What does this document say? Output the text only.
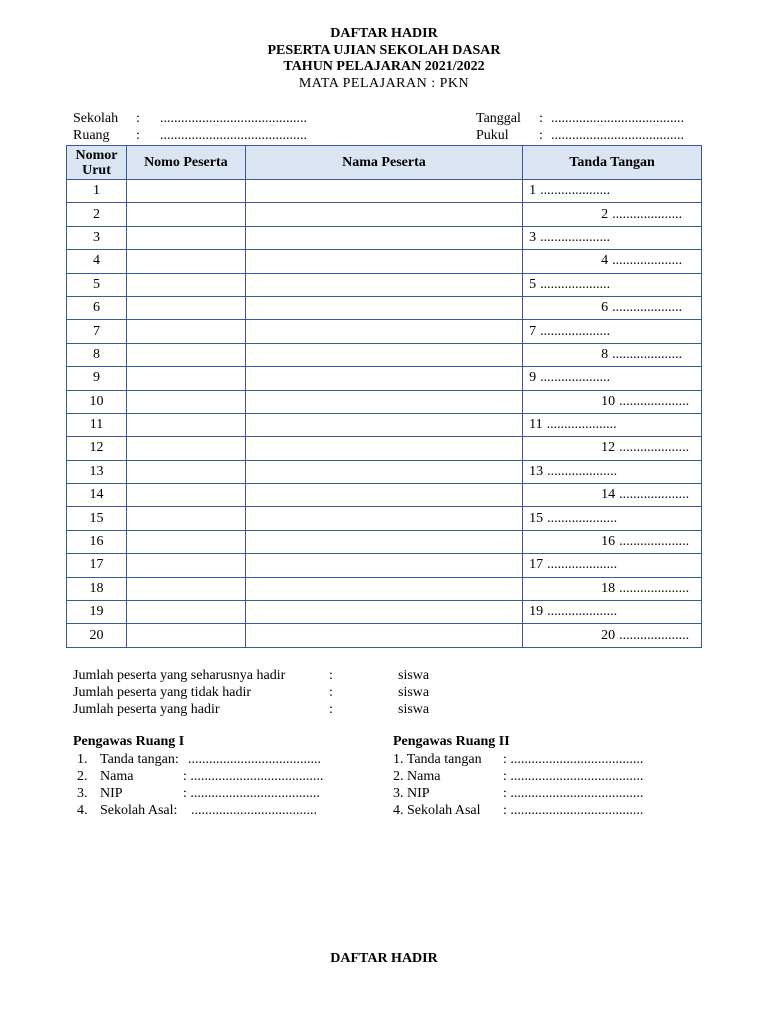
DAFTAR HADIR
PESERTA UJIAN SEKOLAH DASAR
TAHUN PELAJARAN 2021/2022
MATA PELAJARAN : PKN
Sekolah : ..........................................
Ruang : ..........................................
Tanggal : ......................................
Pukul : ......................................
Nomor
Urut	Nomo Peserta	Nama Peserta	Tanda Tangan
1			1 ....................
2			2 ....................
3			3 ....................
4			4 ....................
5			5 ....................
6			6 ....................
7			7 ....................
8			8 ....................
9			9 ....................
10			10 ....................
11			11 ....................
12			12 ....................
13			13 ....................
14			14 ....................
15			15 ....................
16			16 ....................
17			17 ....................
18			18 ....................
19			19 ....................
20			20 ....................
Jumlah peserta yang seharusnya hadir	:	siswa
Jumlah peserta yang tidak hadir	:	siswa
Jumlah peserta yang hadir	:	siswa
Pengawas Ruang I
1. Tanda tangan: ......................................
2. Nama	: ......................................
3. NIP	: .....................................
4. Sekolah Asal: ....................................
Pengawas Ruang II
1. Tanda tangan : ......................................
2. Nama	: ......................................
3. NIP	: ......................................
4. Sekolah Asal : ......................................
DAFTAR HADIR
